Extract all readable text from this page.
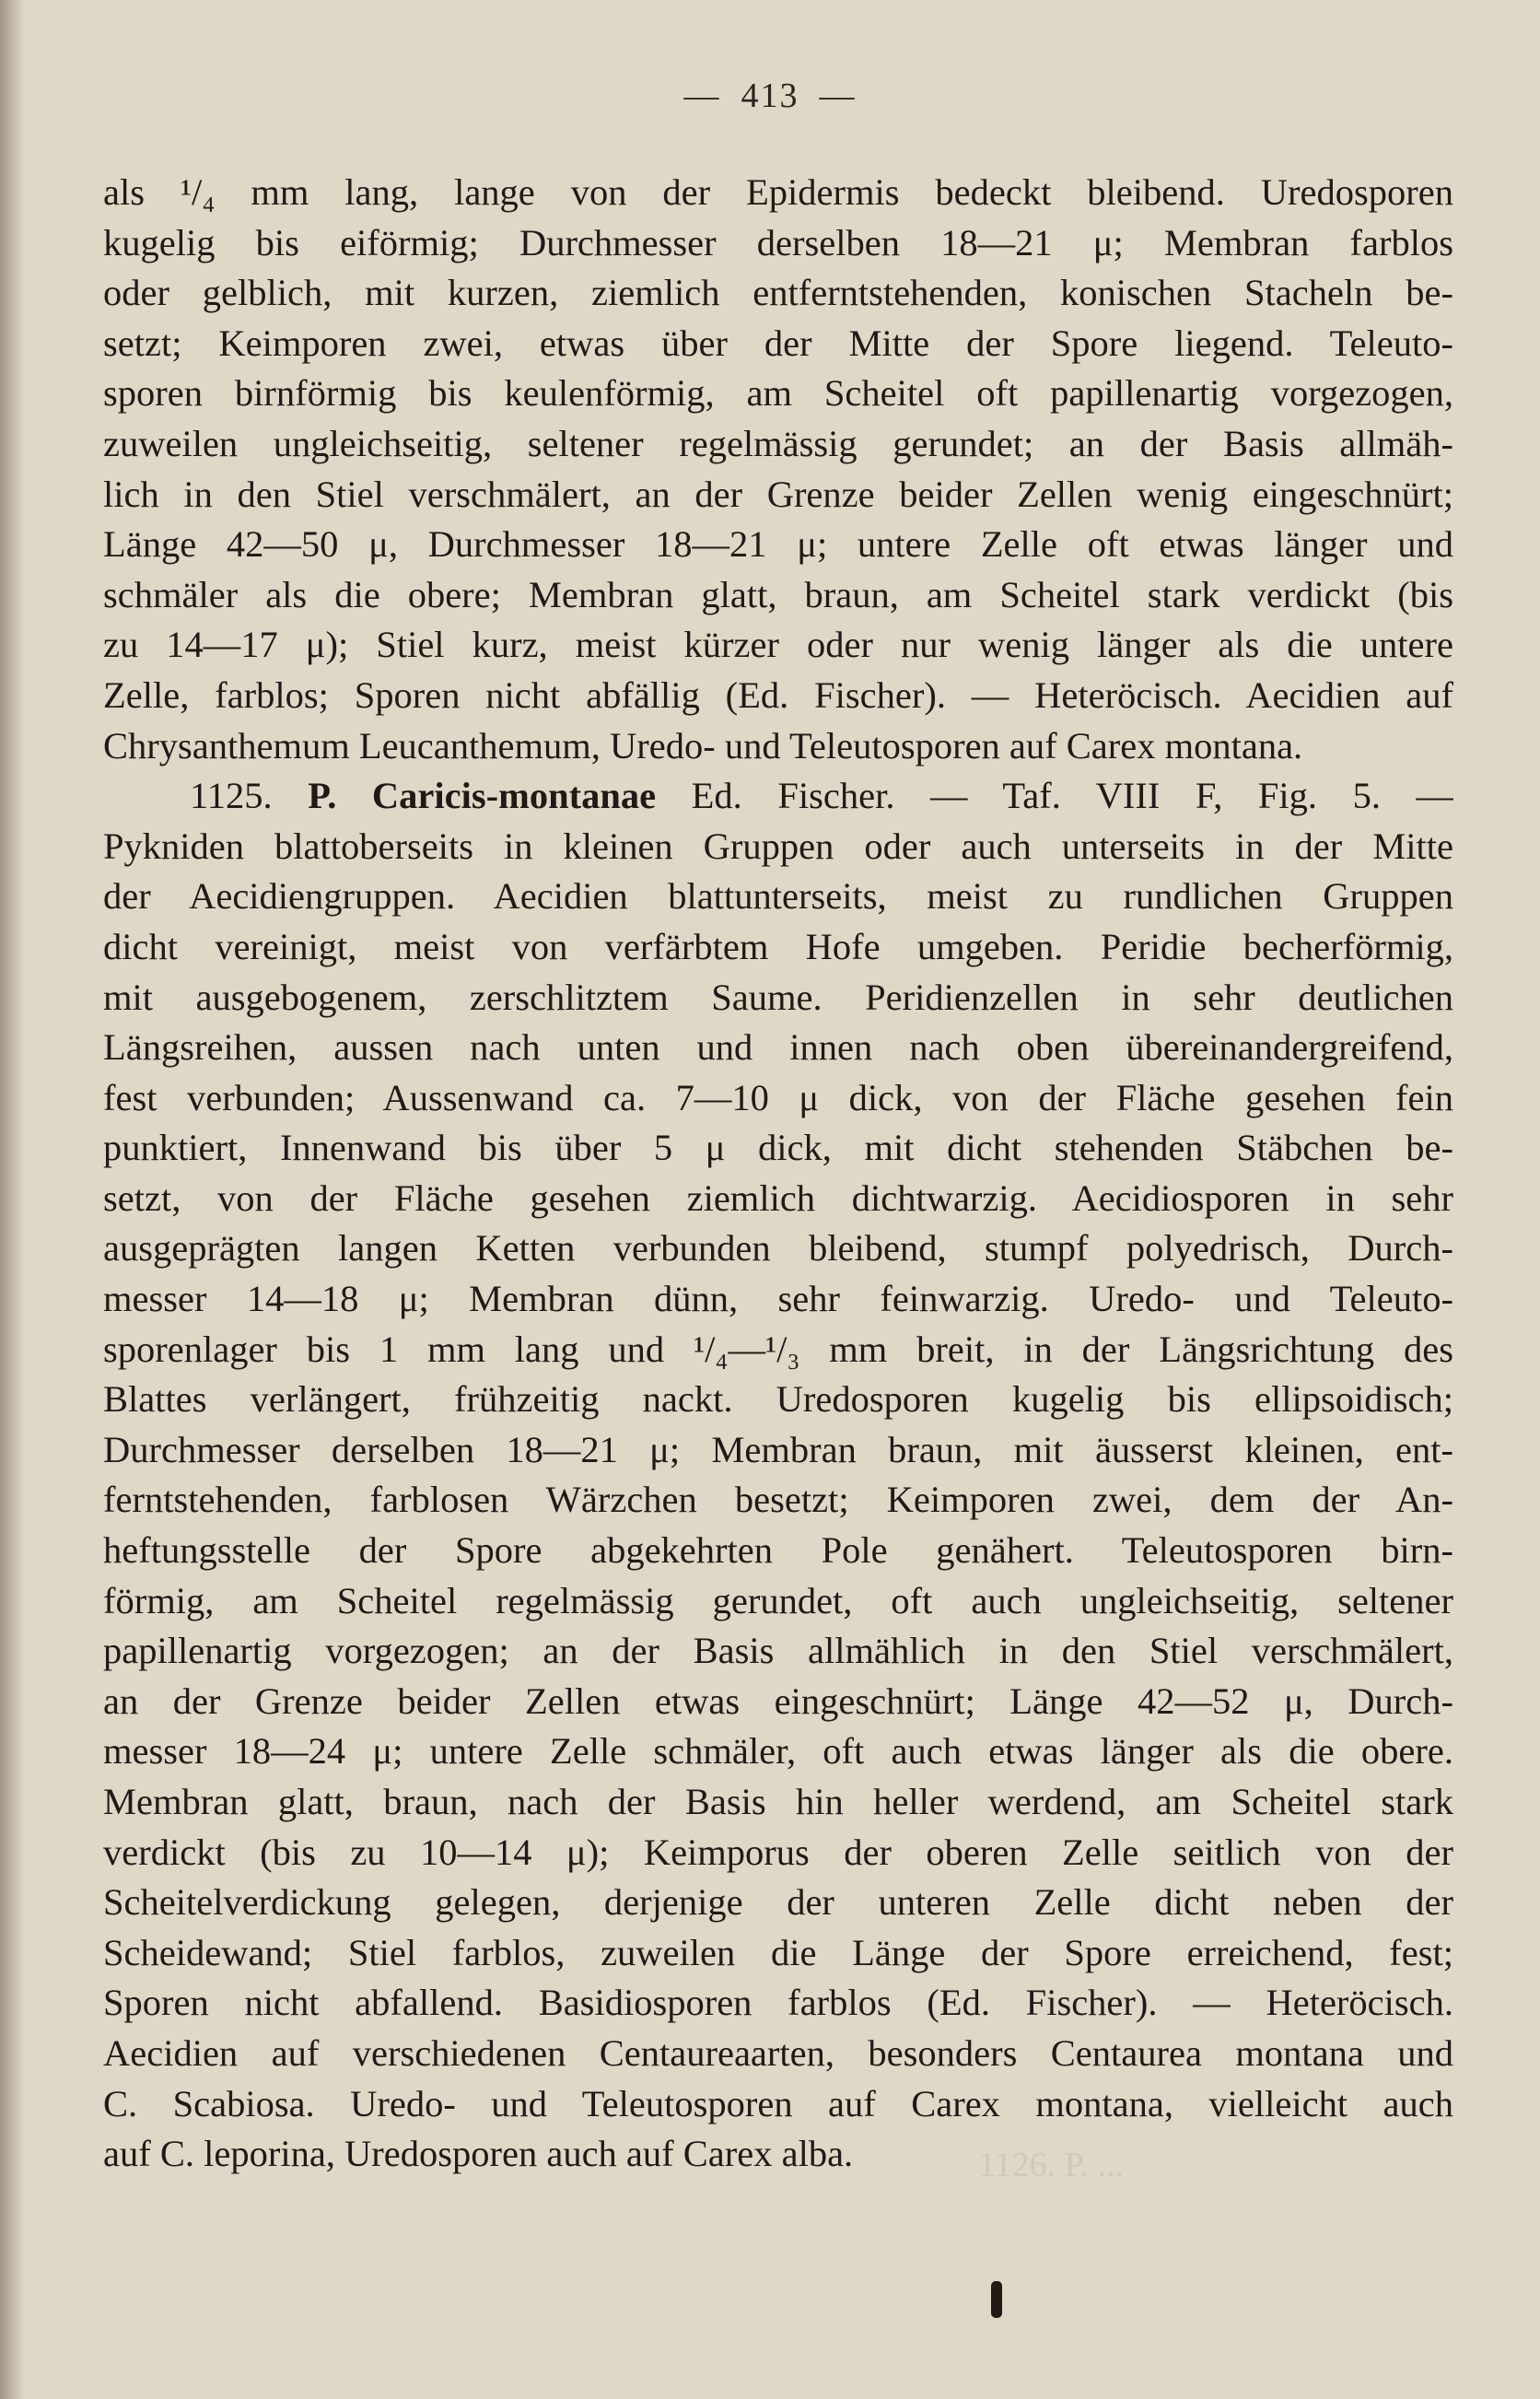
— 413 —
als ¹/₄ mm lang, lange von der Epidermis bedeckt bleibend. Uredosporen
kugelig bis eiförmig; Durchmesser derselben 18—21 μ; Membran farblos
oder gelblich, mit kurzen, ziemlich entferntstehenden, konischen Stacheln be-
setzt; Keimporen zwei, etwas über der Mitte der Spore liegend. Teleuto-
sporen birnförmig bis keulenförmig, am Scheitel oft papillenartig vorgezogen,
zuweilen ungleichseitig, seltener regelmässig gerundet; an der Basis allmäh-
lich in den Stiel verschmälert, an der Grenze beider Zellen wenig eingeschnürt;
Länge 42—50 μ, Durchmesser 18—21 μ; untere Zelle oft etwas länger und
schmäler als die obere; Membran glatt, braun, am Scheitel stark verdickt (bis
zu 14—17 μ); Stiel kurz, meist kürzer oder nur wenig länger als die untere
Zelle, farblos; Sporen nicht abfällig (Ed. Fischer). — Heteröcisch. Aecidien auf
Chrysanthemum Leucanthemum, Uredo- und Teleutosporen auf Carex montana.
1125. P. Caricis-montanae Ed. Fischer. — Taf. VIII F, Fig. 5. —
Pykniden blattoberseits in kleinen Gruppen oder auch unterseits in der Mitte
der Aecidiengruppen. Aecidien blattunterseits, meist zu rundlichen Gruppen
dicht vereinigt, meist von verfärbtem Hofe umgeben. Peridie becherförmig,
mit ausgebogenem, zerschlitztem Saume. Peridienzellen in sehr deutlichen
Längsreihen, aussen nach unten und innen nach oben übereinandergreifend,
fest verbunden; Aussenwand ca. 7—10 μ dick, von der Fläche gesehen fein
punktiert, Innenwand bis über 5 μ dick, mit dicht stehenden Stäbchen be-
setzt, von der Fläche gesehen ziemlich dichtwarzig. Aecidiosporen in sehr
ausgeprägten langen Ketten verbunden bleibend, stumpf polyedrisch, Durch-
messer 14—18 μ; Membran dünn, sehr feinwarzig. Uredo- und Teleuto-
sporenlager bis 1 mm lang und ¹/₄—¹/₃ mm breit, in der Längsrichtung des
Blattes verlängert, frühzeitig nackt. Uredosporen kugelig bis ellipsoidisch;
Durchmesser derselben 18—21 μ; Membran braun, mit äusserst kleinen, ent-
ferntstehenden, farblosen Wärzchen besetzt; Keimporen zwei, dem der An-
heftungsstelle der Spore abgekehrten Pole genähert. Teleutosporen birn-
förmig, am Scheitel regelmässig gerundet, oft auch ungleichseitig, seltener
papillenartig vorgezogen; an der Basis allmählich in den Stiel verschmälert,
an der Grenze beider Zellen etwas eingeschnürt; Länge 42—52 μ, Durch-
messer 18—24 μ; untere Zelle schmäler, oft auch etwas länger als die obere.
Membran glatt, braun, nach der Basis hin heller werdend, am Scheitel stark
verdickt (bis zu 10—14 μ); Keimporus der oberen Zelle seitlich von der
Scheitelverdickung gelegen, derjenige der unteren Zelle dicht neben der
Scheidewand; Stiel farblos, zuweilen die Länge der Spore erreichend, fest;
Sporen nicht abfallend. Basidiosporen farblos (Ed. Fischer). — Heteröcisch.
Aecidien auf verschiedenen Centaureaarten, besonders Centaurea montana und
C. Scabiosa. Uredo- und Teleutosporen auf Carex montana, vielleicht auch
auf C. leporina, Uredosporen auch auf Carex alba.	1126. P. ...
